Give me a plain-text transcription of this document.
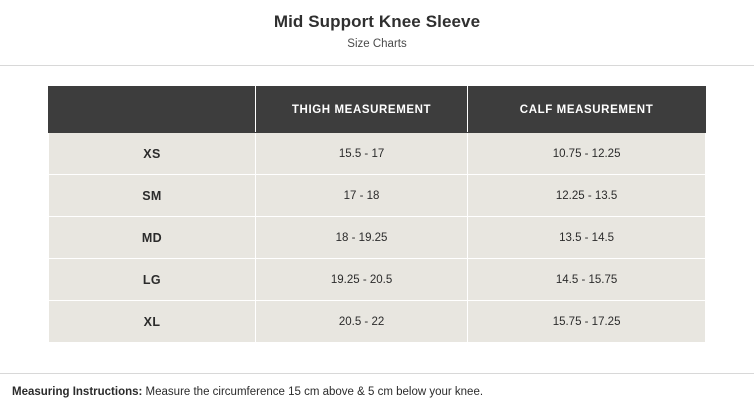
Mid Support Knee Sleeve

Size Charts

	THIGH MEASUREMENT	CALF MEASUREMENT
XS	15.5 - 17	10.75 - 12.25
SM	17 - 18	12.25 - 13.5
MD	18 - 19.25	13.5 - 14.5
LG	19.25 - 20.5	14.5 - 15.75
XL	20.5 - 22	15.75 - 17.25
Measuring Instructions: Measure the circumference 15 cm above & 5 cm below your knee.
